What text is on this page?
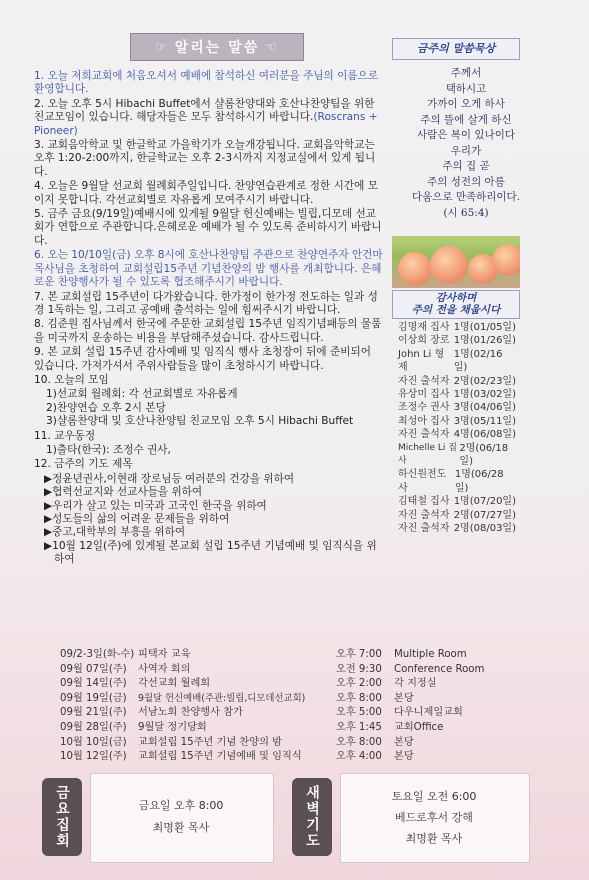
☞ 알리는 말씀 ☜
1. 오늘 저희교회에 처음오셔서 예배에 참석하신 여러분을 주님의 이름으로 환영합니다.
2. 오늘 오후 5시 Hibachi Buffet에서 샬롬찬양대와 호산나찬양팀을 위한 친교모임이 있습니다. 해당자들은 모두 참석하시기 바랍니다.(Roscrans + Pioneer)
3. 교회음악학교 및 한글학교 가을학기가 오늘개강됩니다. 교회음악학교는 오후 1:20-2:00까지, 한글학교는 오후 2-3시까지 지정교실에서 있게 됩니다.
4. 오늘은 9월달 선교회 월례회주일입니다. 찬양연습관계로 정한 시간에 모이지 못합니다. 각선교회별로 자유롭게 모여주시기 바랍니다.
5. 금주 금요(9/19일)예배시에 있게될 9월달 헌신예배는 빌립,디모데 선교회가 연합으로 주관합니다.은혜로운 예배가 될 수 있도록 준비하시기 바랍니다.
6. 오는 10/10일(금) 오후 8시에 호산나찬양팀 주관으로 찬양연주자 안건마 목사님을 초청하여 교회설립15주년 기념찬양의 밤 행사를 개최합니다. 은혜로운 찬양행사가 될 수 있도록 협조해주시기 바랍니다.
7. 본 교회설립 15주년이 다가왔습니다. 한가정이 한가정 전도하는 일과 성경 1독하는 일, 그리고 공예배 출석하는 일에 힘써주시기 바랍니다.
8. 김준원 집사님께서 한국에 주문한 교회설립 15주년 임직기념패등의 물품을 미국까지 운송하는 비용을 부담해주셨습니다. 감사드립니다.
9. 본 교회 설립 15주년 감사예배 및 임직식 행사 초청장이 뒤에 준비되어 있습니다. 가져가셔서 주위사람들을 많이 초청하시기 바랍니다.
10. 오늘의 모임
1)선교회 월례회: 각 선교회별로 자유롭게
2)찬양연습 오후 2시 본당
3)샬롬찬양대 및 호산나찬양팀 친교모임 오후 5시 Hibachi Buffet
11. 교우동정
1)출타(한국): 조정수 권사,
12. 금주의 기도 제목
▶정윤년권사,이현래 장로님등 여러분의 건강을 위하여
▶협력선교지와 선교사들을 위하여
▶우리가 살고 있는 미국과 고국인 한국을 위하여
▶성도들의 삶의 어려운 문제들을 위하여
▶중고,대학부의 부흥을 위하여
▶10월 12일(주)에 있게될 본교회 설립 15주년 기념예배 및 임직식을 위하여
금주의 말씀묵상
주께서
택하시고
가까이 오게 하사
주의 뜰에 살게 하신
사람은 복이 있나이다
우리가
주의 집 곧
주의 성전의 아름
다움으로 만족하리이다.
(시 65:4)
감사하며
주의 전을 채웁시다
김명재 집사 1명(01/05일)
이상희 장로 1명(01/26일)
John Li 형제
1명(02/16일)
자진 출석자 2명(02/23일)
유상미 집사 1명(03/02일)
조정수 권사 3명(04/06일)
최성아 집사 3명(05/11일)
자진 출석자 4명(06/08일)
Michelle Li 집사
2명(06/18일)
하신원전도사
1명(06/28일)
김태철 집사 1명(07/20일)
자진 출석자 2명(07/27일)
자진 출석자 2명(08/03일)
09/2-3일(화-수) 피택자 교육	오후 7:00	Multiple Room
09월 07일(주)	사역자 회의	오전 9:30	Conference Room
09월 14일(주)	각선교회 월례회	오후 2:00	각 지정실
09월 19일(금)	9월달 헌신예배(주관:빌립,디모데선교회)	오후 8:00	본당
09월 21일(주)	서남노회 찬양행사 참가	오후 5:00	다우니제일교회
09월 28일(주)	9월달 정기당회	오후 1:45	교회Office
10월 10일(금)	교회설립 15주년 기념 찬양의 밤	오후 8:00	본당
10월 12일(주)	교회설립 15주년 기념예배 및 임직식	오후 4:00	본당
금요집회	금요일 오후 8:00
최명환 목사	새벽기도	토요일 오전 6:00
베드로후서 강해
최명환 목사
